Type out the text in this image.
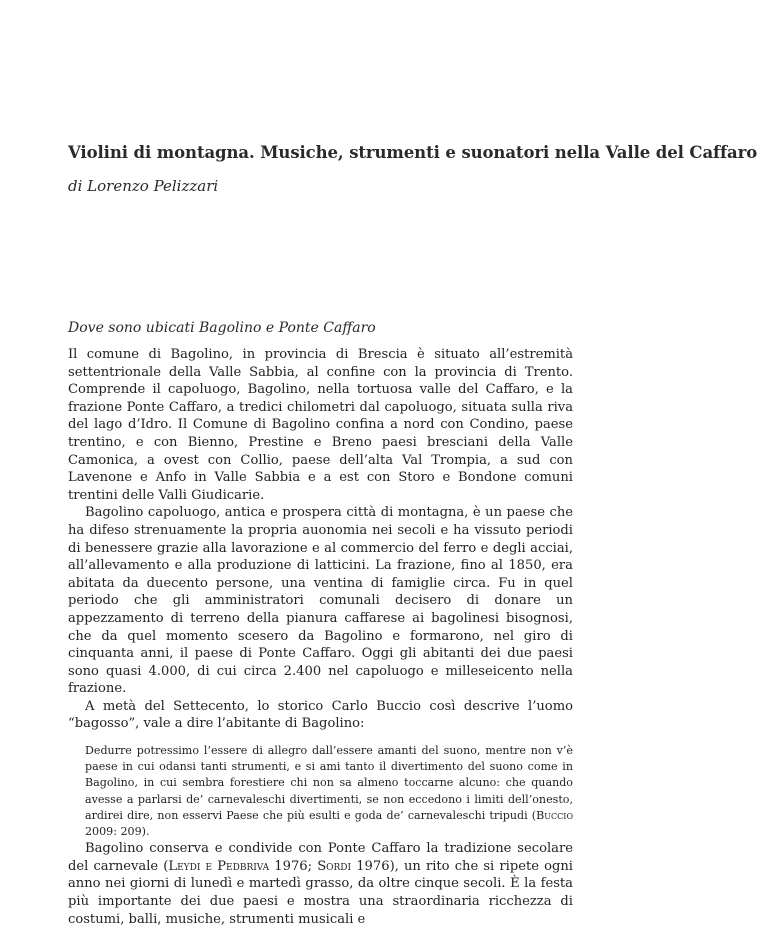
Violini di montagna. Musiche, strumenti e suonatori nella Valle del Caffaro
di Lorenzo Pelizzari
Dove sono ubicati Bagolino e Ponte Caffaro

Il comune di Bagolino, in provincia di Brescia è situato all’estremità settentrionale della Valle Sabbia, al confine con la provincia di Trento. Comprende il capoluogo, Bagolino, nella tortuosa valle del Caffaro, e la frazione Ponte Caffaro, a tredici chilometri dal capoluogo, situata sulla riva del lago d’Idro. Il Comune di Bagolino confina a nord con Condino, paese trentino, e con Bienno, Prestine e Breno paesi bresciani della Valle Camonica, a ovest con Collio, paese dell’alta Val Trompia, a sud con Lavenone e Anfo in Valle Sabbia e a est con Storo e Bondone comuni trentini delle Valli Giudicarie.

Bagolino capoluogo, antica e prospera città di montagna, è un paese che ha difeso strenuamente la propria auonomia nei secoli e ha vissuto periodi di benessere grazie alla lavorazione e al commercio del ferro e degli acciai, all’allevamento e alla produzione di latticini. La frazione, fino al 1850, era abitata da duecento persone, una ventina di famiglie circa. Fu in quel periodo che gli amministratori comunali decisero di donare un appezzamento di terreno della pianura caffarese ai bagolinesi bisognosi, che da quel momento scesero da Bagolino e formarono, nel giro di cinquanta anni, il paese di Ponte Caffaro. Oggi gli abitanti dei due paesi sono quasi 4.000, di cui circa 2.400 nel capoluogo e milleseicento nella frazione.

A metà del Settecento, lo storico Carlo Buccio così descrive l’uomo “bagosso”, vale a dire l’abitante di Bagolino:

Dedurre potressimo l’essere di allegro dall’essere amanti del suono, mentre non v’è paese in cui odansi tanti strumenti, e si ami tanto il divertimento del suono come in Bagolino, in cui sembra forestiere chi non sa almeno toccarne alcuno: che quando avesse a parlarsi de’ carnevaleschi divertimenti, se non eccedono i limiti dell’onesto, ardirei dire, non esservi Paese che più esulti e goda de’ carnevaleschi tripudi (Buccio 2009: 209).

Bagolino conserva e condivide con Ponte Caffaro la tradizione secolare del carnevale (Leydi e Pedbriva 1976; Sordi 1976), un rito che si ripete ogni anno nei giorni di lunedì e martedì grasso, da oltre cinque secoli. È la festa più importante dei due paesi e mostra una straordinaria ricchezza di costumi, balli, musiche, strumenti musicali e
